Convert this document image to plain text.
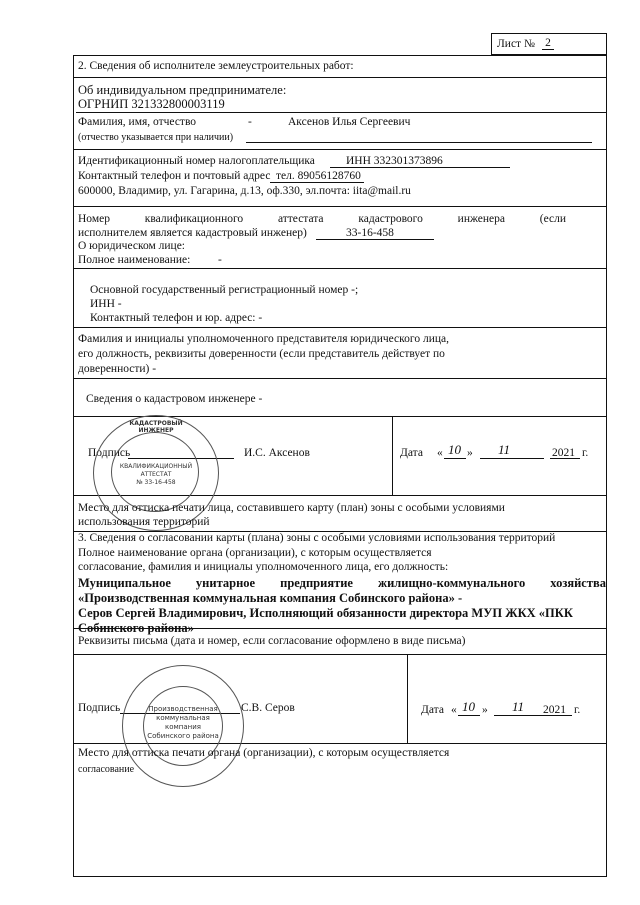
Лист № 2
2. Сведения об исполнителе землеустроительных работ:
Об индивидуальном предпринимателе:
ОГРНИП 321332800003119
Фамилия, имя, отчество	-	Аксенов Илья Сергеевич
(отчество указывается при наличии)
Идентификационный номер налогоплательщика	ИНН 332301373896
Контактный телефон и почтовый адрес тел. 89056128760
600000, Владимир, ул. Гагарина, д.13, оф.330, эл.почта: iita@mail.ru
Номер квалификационного аттестата кадастрового инженера (если
исполнителем является кадастровый инженер)	33-16-458
О юридическом лице:
Полное наименование: -
Основной государственный регистрационный номер -;
ИНН -
Контактный телефон и юр. адрес: -
Фамилия и инициалы уполномоченного представителя юридического лица,
его должность, реквизиты доверенности (если представитель действует по
доверенности) -
Сведения о кадастровом инженере -
Подпись	И.С. Аксенов	Дата « 10 » 11	2021 г.
КАДАСТРОВЫЙ ИНЖЕНЕР
КВАЛИФИКАЦИОННЫЙ
АТТЕСТАТ
№ 33-16-458
Место для оттиска печати лица, составившего карту (план) зоны с особыми условиями
использования территорий
3. Сведения о согласовании карты (плана) зоны с особыми условиями использования территорий
Полное наименование органа (организации), с которым осуществляется
согласование, фамилия и инициалы уполномоченного лица, его должность:
Муниципальное унитарное предприятие жилищно-коммунального хозяйства
«Производственная коммунальная компания Собинского района» -
Серов Сергей Владимирович, Исполняющий обязанности директора МУП ЖКХ «ПКК
Собинского района»
Реквизиты письма (дата и номер, если согласование оформлено в виде письма)
Подпись	С.В. Серов	Дата « 10 » 11 2021 г.
Производственная
коммунальная
компания
Собинского района
Место для оттиска печати органа (организации), с которым осуществляется
согласование
